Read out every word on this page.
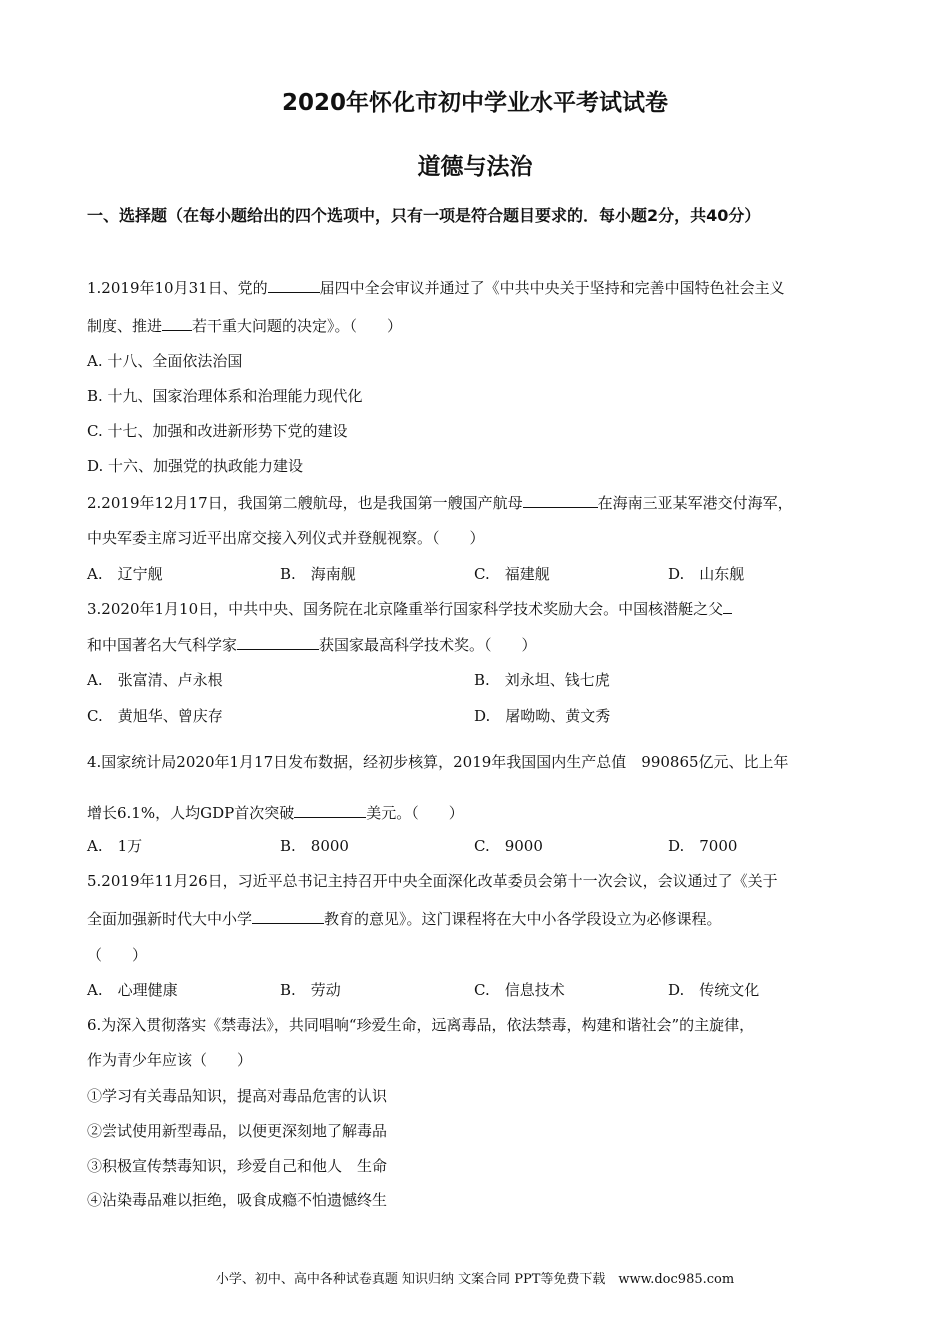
2020年怀化市初中学业水平考试试卷
道德与法治
一、选择题（在每小题给出的四个选项中，只有一项是符合题目要求的．每小题2分，共40分）
1.2019年10月31日、党的	届四中全会审议并通过了《中共中央关于坚持和完善中国特色社会主义
制度、推进 若干重大问题的决定》。（　　）
A. 十八、全面依法治国
B. 十九、国家治理体系和治理能力现代化
C. 十七、加强和改进新形势下党的建设
D. 十六、加强党的执政能力建设
2.2019年12月17日，我国第二艘航母，也是我国第一艘国产航母	在海南三亚某军港交付海军，
中央军委主席习近平出席交接入列仪式并登舰视察。（　　）
A.　辽宁舰	B.　海南舰	C.　福建舰	D.　山东舰
3.2020年1月10日，中共中央、国务院在北京隆重举行国家科学技术奖励大会。中国核潜艇之父
和中国著名大气科学家	获国家最高科学技术奖。（　　）
A.　张富清、卢永根	B.　刘永坦、钱七虎
C.　黄旭华、曾庆存	D.　屠呦呦、黄文秀
4.国家统计局2020年1月17日发布数据，经初步核算，2019年我国国内生产总值　990865亿元、比上年
增长6.1%，人均GDP首次突破	美元。（　　）
A.　1万	B.　8000	C.　9000	D.　7000
5.2019年11月26日，习近平总书记主持召开中央全面深化改革委员会第十一次会议，会议通过了《关于
全面加强新时代大中小学	教育的意见》。这门课程将在大中小各学段设立为必修课程。
（　　）
A.　心理健康	B.　劳动	C.　信息技术	D.　传统文化
6.为深入贯彻落实《禁毒法》，共同唱响“珍爱生命，远离毒品，依法禁毒，构建和谐社会”的主旋律，
作为青少年应该（　　）
①学习有关毒品知识，提高对毒品危害的认识
②尝试使用新型毒品，以便更深刻地了解毒品
③积极宣传禁毒知识，珍爱自己和他人　生命
④沾染毒品难以拒绝，吸食成瘾不怕遗憾终生
小学、初中、高中各种试卷真题 知识归纳 文案合同 PPT等免费下载　www.doc985.com
